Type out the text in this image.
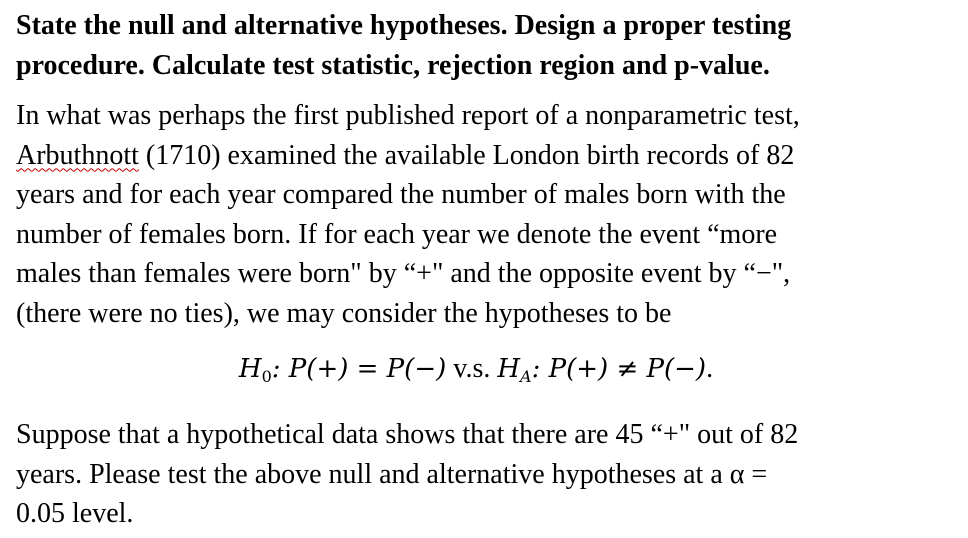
State the null and alternative hypotheses. Design a proper testing
procedure. Calculate test statistic, rejection region and p-value.
In what was perhaps the first published report of a nonparametric test,
Arbuthnott (1710) examined the available London birth records of 82
years and for each year compared the number of males born with the
number of females born. If for each year we denote the event “more
males than females were born" by “+" and the opposite event by “−",
(there were no ties), we may consider the hypotheses to be
$H_0$: P(+) = P(−) v.s. $H_A$: P(+) ≠ P(−).
Suppose that a hypothetical data shows that there are 45 “+" out of 82
years. Please test the above null and alternative hypotheses at a α =
0.05 level.
